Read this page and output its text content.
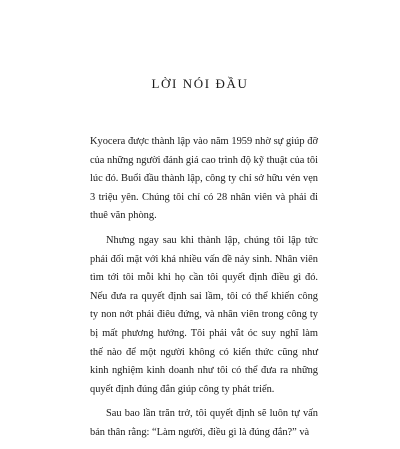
LỜI NÓI ĐẦU

Kyocera được thành lập vào năm 1959 nhờ sự giúp đỡ của những người đánh giá cao trình độ kỹ thuật của tôi lúc đó. Buổi đầu thành lập, công ty chỉ sở hữu vẻn vẹn 3 triệu yên. Chúng tôi chỉ có 28 nhân viên và phải đi thuê văn phòng.

Nhưng ngay sau khi thành lập, chúng tôi lập tức phải đối mặt với khá nhiều vấn đề nảy sinh. Nhân viên tìm tới tôi mỗi khi họ cần tôi quyết định điều gì đó. Nếu đưa ra quyết định sai lầm, tôi có thể khiến công ty non nớt phải điêu đứng, và nhân viên trong công ty bị mất phương hướng. Tôi phải vắt óc suy nghĩ làm thế nào để một người không có kiến thức cũng như kinh nghiệm kinh doanh như tôi có thể đưa ra những quyết định đúng đắn giúp công ty phát triển.

Sau bao lần trăn trở, tôi quyết định sẽ luôn tự vấn bản thân rằng: “Làm người, điều gì là đúng đắn?” và
